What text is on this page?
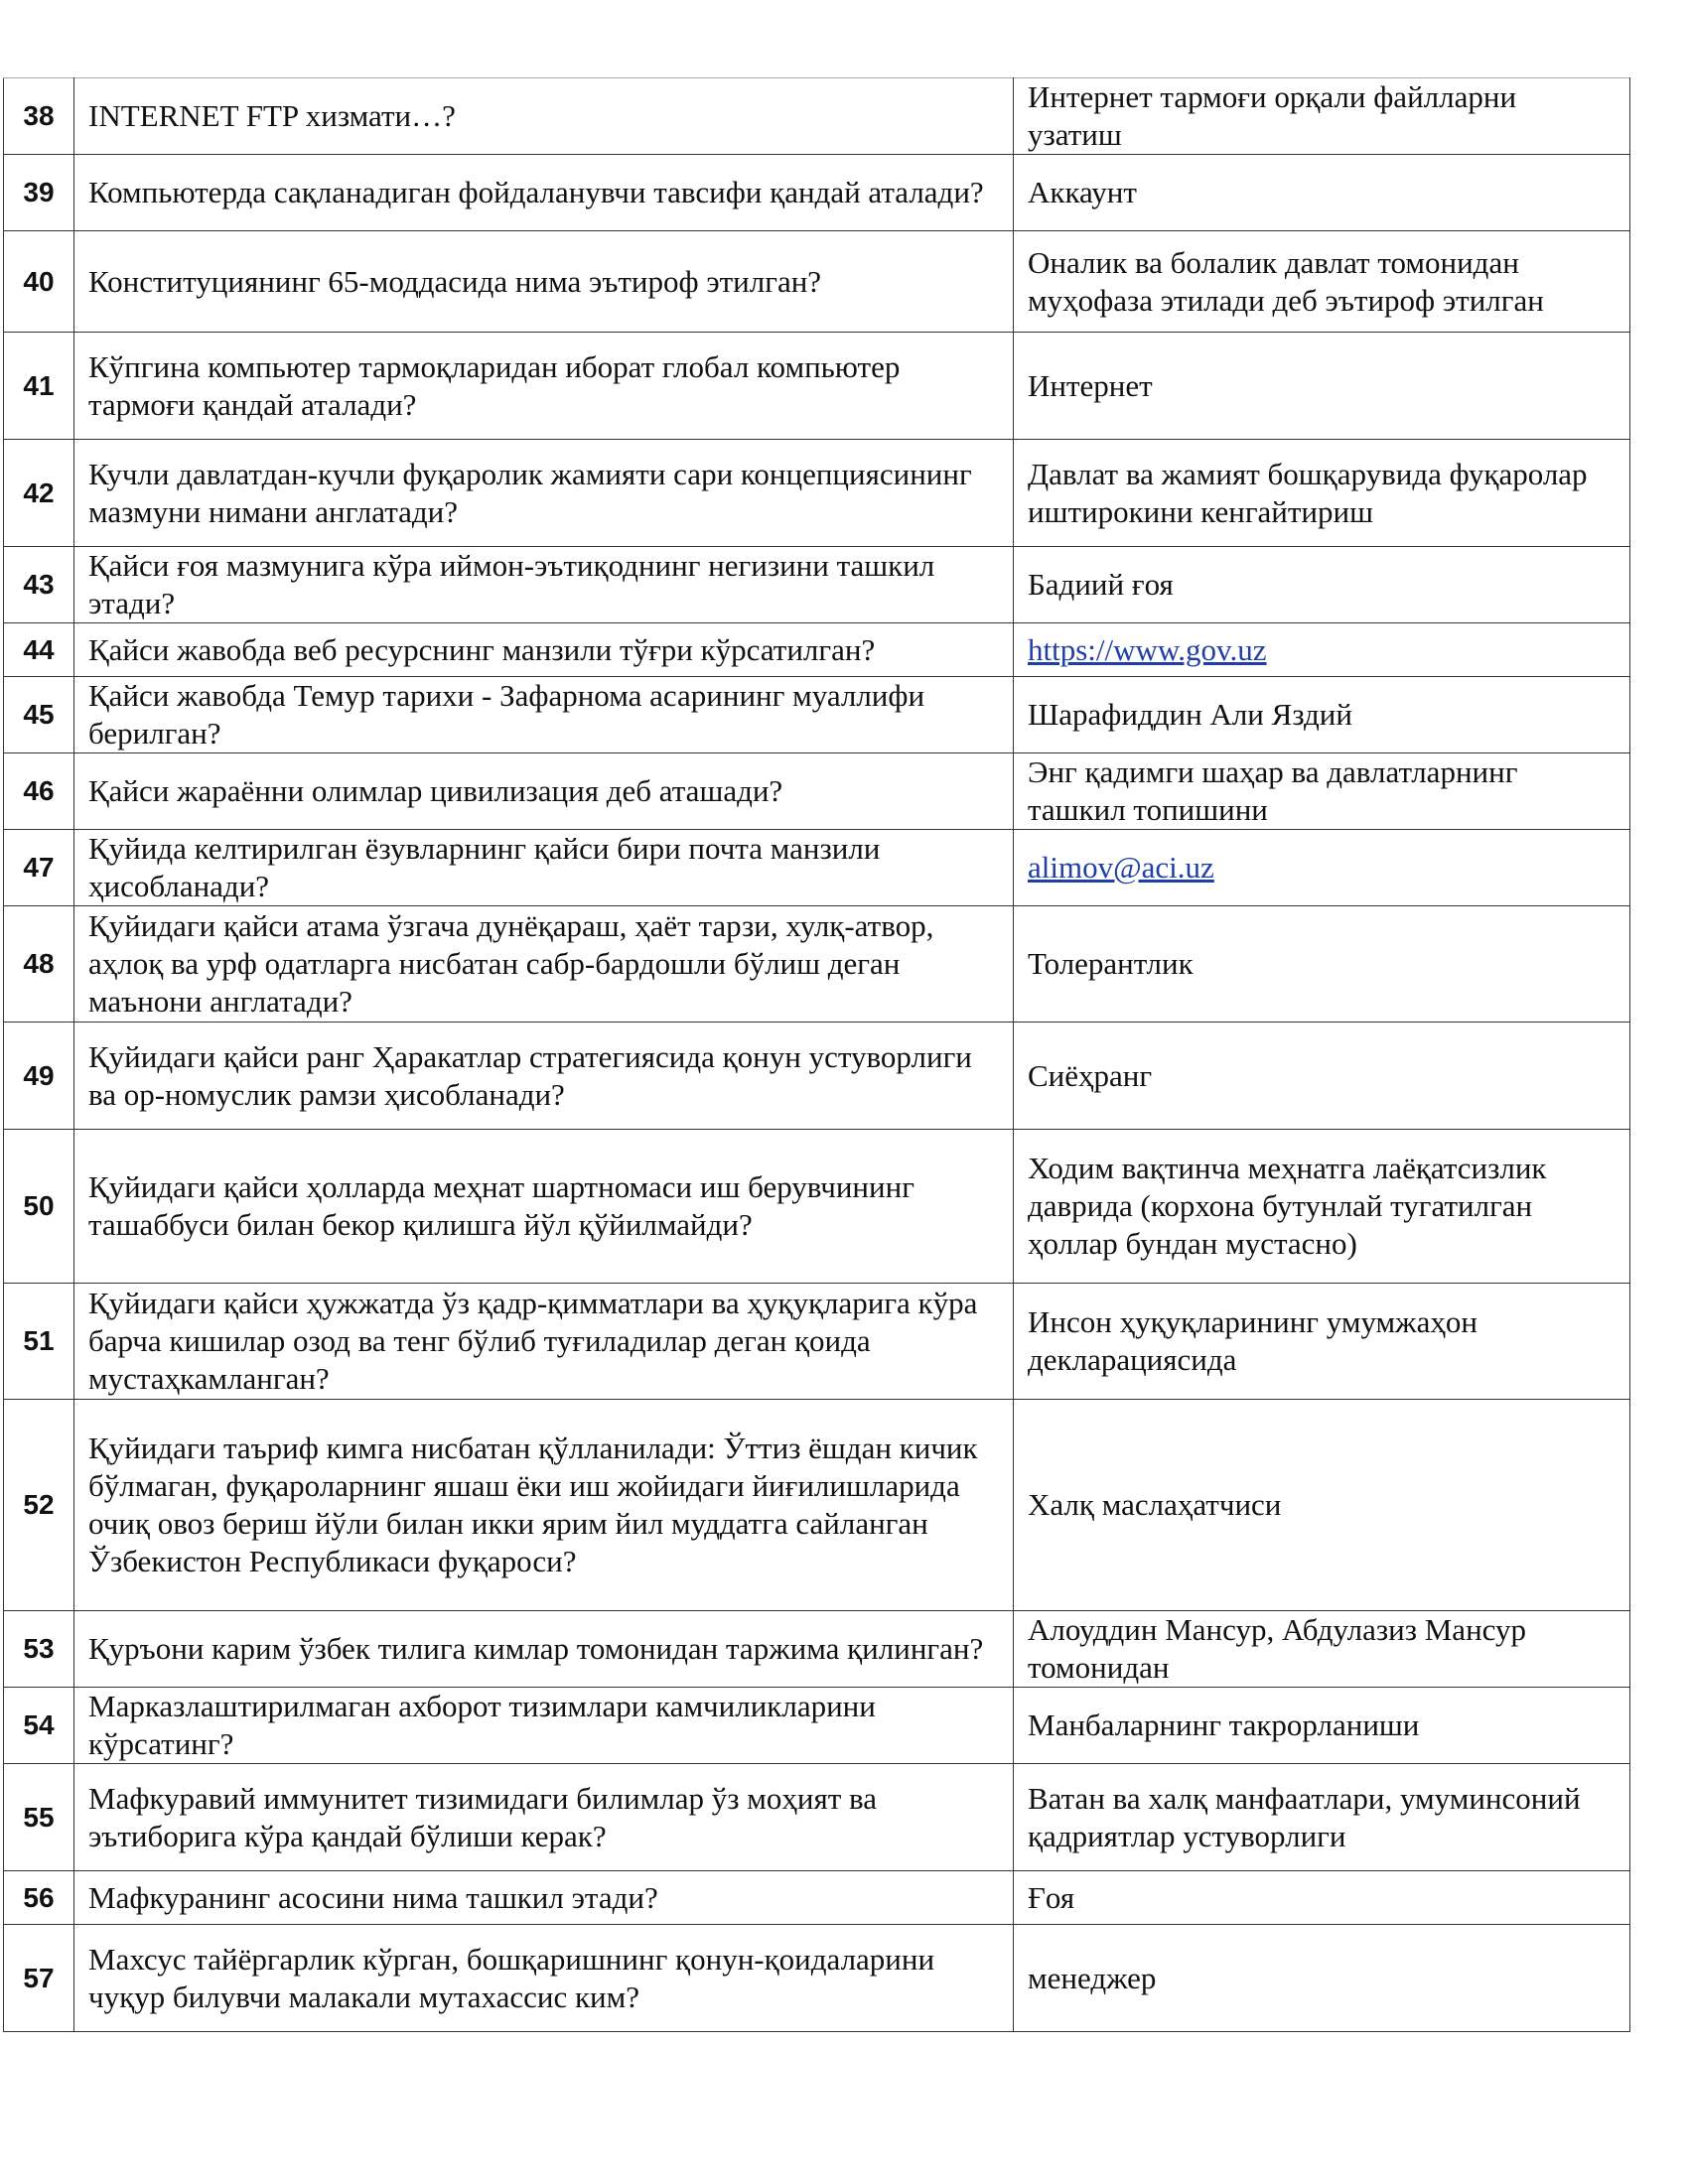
38	INTERNET FTP хизмати…?	Интернет тармоғи орқали файлларни узатиш
39	Компьютерда сақланадиган фойдаланувчи тавсифи қандай аталади?	Аккаунт
40	Конституциянинг 65-моддасида нима эътироф этилган?	Оналик ва болалик давлат томонидан муҳофаза этилади деб эътироф этилган
41	Кўпгина компьютер тармоқларидан иборат глобал компьютер тармоғи қандай аталади?	Интернет
42	Кучли давлатдан-кучли фуқаролик жамияти сари концепциясининг мазмуни нимани англатади?	Давлат ва жамият бошқарувида фуқаролар иштирокини кенгайтириш
43	Қайси ғоя мазмунига кўра иймон-эътиқоднинг негизини ташкил этади?	Бадиий ғоя
44	Қайси жавобда веб ресурснинг манзили тўғри кўрсатилган?	https://www.gov.uz
45	Қайси жавобда Темур тарихи - Зафарнома асарининг муаллифи берилган?	Шарафиддин Али Яздий
46	Қайси жараённи олимлар цивилизация деб аташади?	Энг қадимги шаҳар ва давлатларнинг ташкил топишини
47	Қуйида келтирилган ёзувларнинг қайси бири почта манзили ҳисобланади?	alimov@aci.uz
48	Қуйидаги қайси атама ўзгача дунёқараш, ҳаёт тарзи, хулқ-атвор, аҳлоқ ва урф одатларга нисбатан сабр-бардошли бўлиш деган маънони англатади?	Толерантлик
49	Қуйидаги қайси ранг Ҳаракатлар стратегиясида қонун устуворлиги ва ор-номуслик рамзи ҳисобланади?	Сиёҳранг
50	Қуйидаги қайси ҳолларда меҳнат шартномаси иш берувчининг ташаббуси билан бекор қилишга йўл қўйилмайди?	Ходим вақтинча меҳнатга лаёқатсизлик даврида (корхона бутунлай тугатилган ҳоллар бундан мустасно)
51	Қуйидаги қайси ҳужжатда ўз қадр-қимматлари ва ҳуқуқларига кўра барча кишилар озод ва тенг бўлиб туғиладилар деган қоида мустаҳкамланган?	Инсон ҳуқуқларининг умумжаҳон декларациясида
52	Қуйидаги таъриф кимга нисбатан қўлланилади: Ўттиз ёшдан кичик бўлмаган, фуқароларнинг яшаш ёки иш жойидаги йиғилишларида очиқ овоз бериш йўли билан икки ярим йил муддатга сайланган Ўзбекистон Республикаси фуқароси?	Халқ маслаҳатчиси
53	Қуръони карим ўзбек тилига кимлар томонидан таржима қилинган?	Алоуддин Мансур, Абдулазиз Мансур томонидан
54	Марказлаштирилмаган ахборот тизимлари камчиликларини кўрсатинг?	Манбаларнинг такрорланиши
55	Мафкуравий иммунитет тизимидаги билимлар ўз моҳият ва эътиборига кўра қандай бўлиши керак?	Ватан ва халқ манфаатлари, умуминсоний қадриятлар устуворлиги
56	Мафкуранинг асосини нима ташкил этади?	Ғоя
57	Махсус тайёргарлик кўрган, бошқаришнинг қонун-қоидаларини чуқур билувчи малакали мутахассис ким?	менеджер
